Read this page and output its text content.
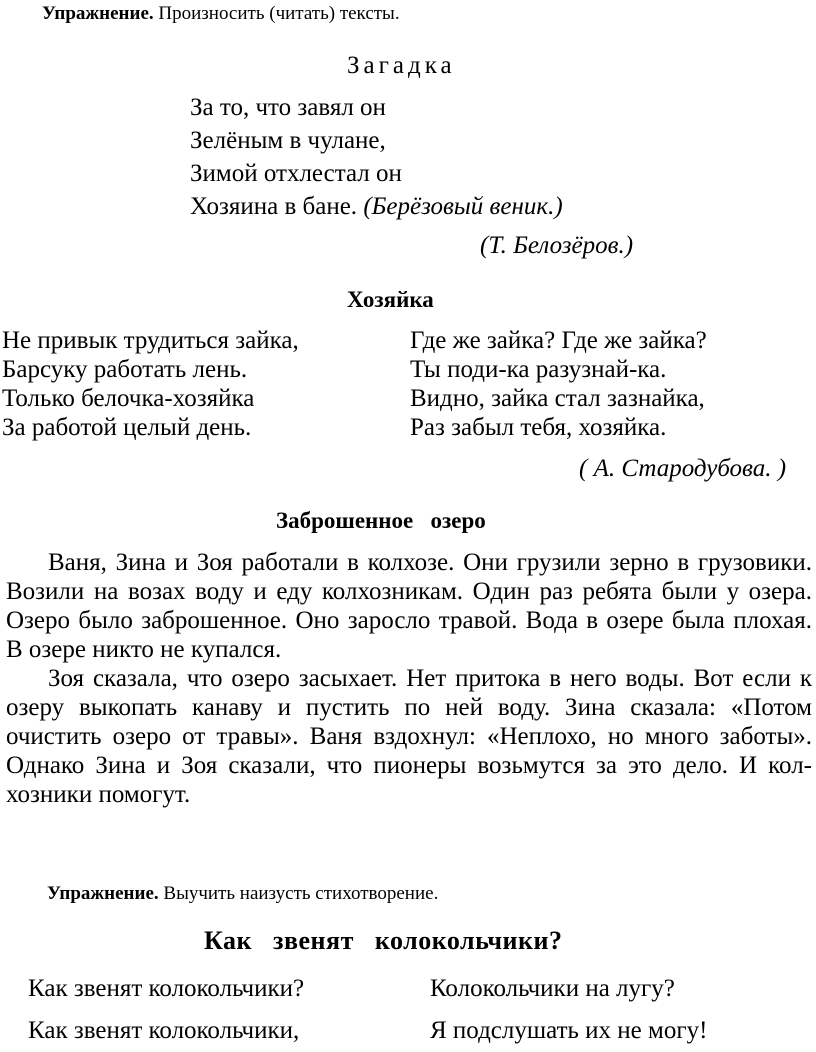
Упражнение. Произносить (читать) тексты.
Загадка
За то, что завял он
Зелёным в чулане,
Зимой отхлестал он
Хозяина в бане. (Берёзовый веник.)
(Т. Белозёров.)
Хозяйка
Не привык трудиться зайка,
Барсуку работать лень.
Только белочка-хозяйка
За работой целый день.
Где же зайка? Где же зайка?
Ты поди-ка разузнай-ка.
Видно, зайка стал зазнайка,
Раз забыл тебя, хозяйка.
( А. Стародубова. )
Заброшенное   озеро

Ваня, Зина и Зоя работали в колхозе. Они грузили зерно в грузовики. Возили на возах воду и еду колхозникам. Один раз ребята были у озера. Озеро было заброшенное. Оно заросло травой. Вода в озере была плохая. В озере никто не купался.

Зоя сказала, что озеро засыхает. Нет притока в него воды. Вот если к озеру выкопать канаву и пустить по ней воду. Зина сказала: «Потом очистить озеро от травы». Ваня вздохнул: «Неплохо, но много заботы». Однако Зина и Зоя сказали, что пионеры возьмутся за это дело. И колхозники помогут.

Упражнение. Выучить наизусть стихотворение.
Как   звенят   колокольчики?
Как звенят колокольчики?
Как звенят колокольчики,
Колокольчики на лугу?
Я подслушать их не могу!
